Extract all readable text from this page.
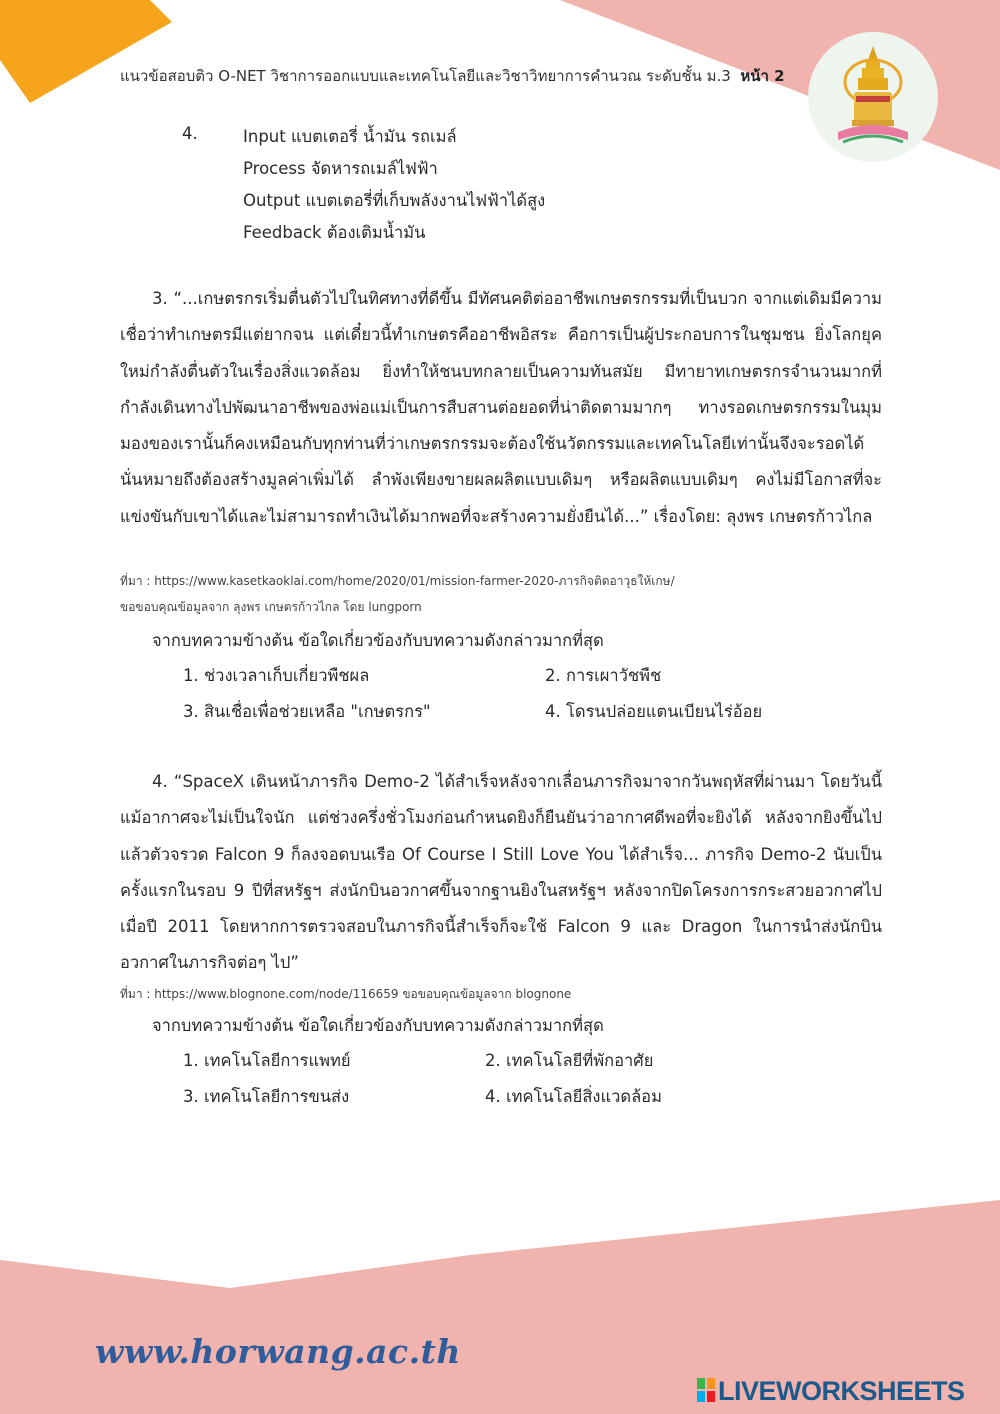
แนวข้อสอบติว O-NET วิชาการออกแบบและเทคโนโลยีและวิชาวิทยาการคำนวณ ระดับชั้น ม.3 หน้า 2
4.	Input แบตเตอรี่ น้ำมัน รถเมล์
Process จัดหารถเมล์ไฟฟ้า
Output แบตเตอรี่ที่เก็บพลังงานไฟฟ้าได้สูง
Feedback ต้องเติมน้ำมัน
3. “...เกษตรกรเริ่มตื่นตัวไปในทิศทางที่ดีขึ้น มีทัศนคติต่ออาชีพเกษตรกรรมที่เป็นบวก จากแต่เดิมมีความเชื่อว่าทำเกษตรมีแต่ยากจน แต่เดี๋ยวนี้ทำเกษตรคืออาชีพอิสระ คือการเป็นผู้ประกอบการในชุมชน ยิ่งโลกยุคใหม่กำลังตื่นตัวในเรื่องสิ่งแวดล้อม ยิ่งทำให้ชนบทกลายเป็นความทันสมัย มีทายาทเกษตรกรจำนวนมากที่กำลังเดินทางไปพัฒนาอาชีพของพ่อแม่เป็นการสืบสานต่อยอดที่น่าติดตามมากๆ ทางรอดเกษตรกรรมในมุมมองของเรานั้นก็คงเหมือนกับทุกท่านที่ว่าเกษตรกรรมจะต้องใช้นวัตกรรมและเทคโนโลยีเท่านั้นจึงจะรอดได้ นั่นหมายถึงต้องสร้างมูลค่าเพิ่มได้ ลำพังเพียงขายผลผลิตแบบเดิมๆ หรือผลิตแบบเดิมๆ คงไม่มีโอกาสที่จะแข่งขันกับเขาได้และไม่สามารถทำเงินได้มากพอที่จะสร้างความยั่งยืนได้...” เรื่องโดย: ลุงพร เกษตรก้าวไกล
ที่มา : https://www.kasetkaoklai.com/home/2020/01/mission-farmer-2020-ภารกิจติดอาวุธให้เกษ/
ขอขอบคุณข้อมูลจาก ลุงพร เกษตรก้าวไกล โดย lungporn
จากบทความข้างต้น ข้อใดเกี่ยวข้องกับบทความดังกล่าวมากที่สุด
1. ช่วงเวลาเก็บเกี่ยวพืชผล	2. การเผาวัชพืช
3. สินเชื่อเพื่อช่วยเหลือ "เกษตรกร"	4. โดรนปล่อยแตนเบียนไร่อ้อย
4. “SpaceX เดินหน้าภารกิจ Demo-2 ได้สำเร็จหลังจากเลื่อนภารกิจมาจากวันพฤหัสที่ผ่านมา โดยวันนี้แม้อากาศจะไม่เป็นใจนัก แต่ช่วงครึ่งชั่วโมงก่อนกำหนดยิงก็ยืนยันว่าอากาศดีพอที่จะยิงได้ หลังจากยิงขึ้นไปแล้วตัวจรวด Falcon 9 ก็ลงจอดบนเรือ Of Course I Still Love You ได้สำเร็จ... ภารกิจ Demo-2 นับเป็นครั้งแรกในรอบ 9 ปีที่สหรัฐฯ ส่งนักบินอวกาศขึ้นจากฐานยิงในสหรัฐฯ หลังจากปิดโครงการกระสวยอวกาศไปเมื่อปี 2011 โดยหากการตรวจสอบในภารกิจนี้สำเร็จก็จะใช้ Falcon 9 และ Dragon ในการนำส่งนักบินอวกาศในภารกิจต่อๆ ไป”
ที่มา : https://www.blognone.com/node/116659 ขอขอบคุณข้อมูลจาก blognone
จากบทความข้างต้น ข้อใดเกี่ยวข้องกับบทความดังกล่าวมากที่สุด
1. เทคโนโลยีการแพทย์	2. เทคโนโลยีที่พักอาศัย
3. เทคโนโลยีการขนส่ง	4. เทคโนโลยีสิ่งแวดล้อม
www.horwang.ac.th
LIVEWORKSHEETS
